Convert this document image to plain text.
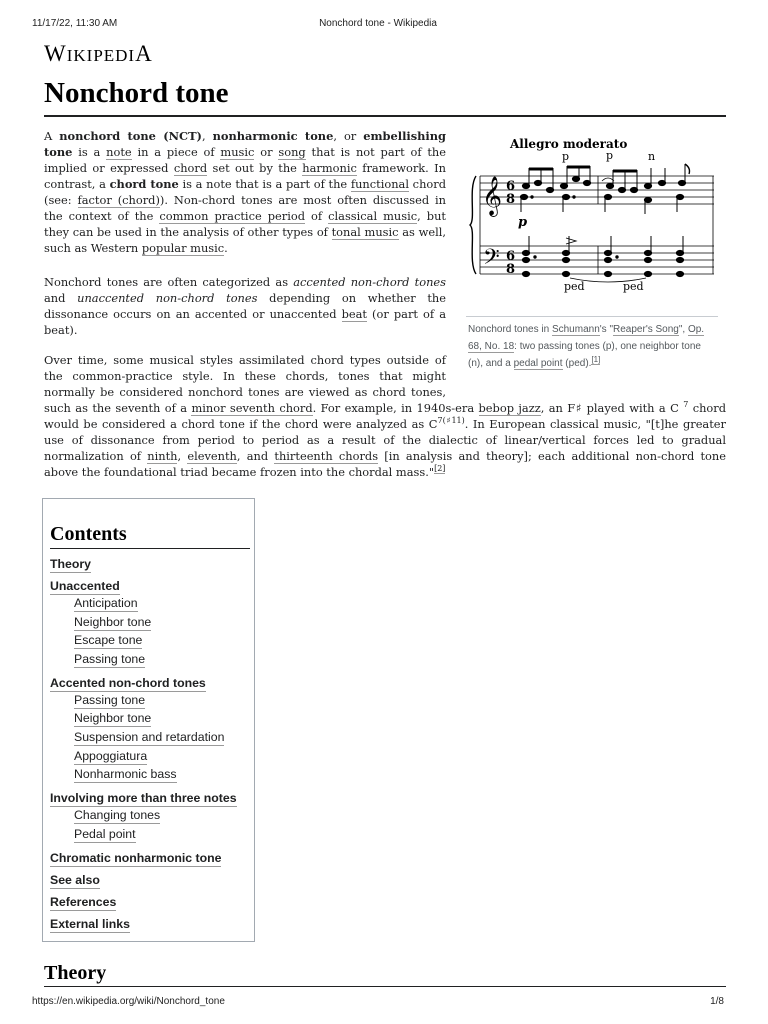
11/17/22, 11:30 AM	Nonchord tone - Wikipedia
WIKIPEDIA
Nonchord tone

A nonchord tone (NCT), nonharmonic tone, or embellishing tone is a note in a piece of music or song that is not part of the implied or expressed chord set out by the harmonic framework. In contrast, a chord tone is a note that is a part of the functional chord (see: factor (chord)). Non-chord tones are most often discussed in the context of the common practice period of classical music, but they can be used in the analysis of other types of tonal music as well, such as Western popular music.

Nonchord tones are often categorized as accented non-chord tones and unaccented non-chord tones depending on whether the dissonance occurs on an accented or unaccented beat (or part of a beat).

Over time, some musical styles assimilated chord types outside of
the common-practice style. In these chords, tones that might
normally be considered nonchord tones are viewed as chord tones,

such as the seventh of a minor seventh chord. For example, in 1940s-era bebop jazz, an F♯ played with a C $^7$ chord would be considered a chord tone if the chord were analyzed as $C^{7(♯11)}$. In European classical music, "[t]he greater use of dissonance from period to period as a result of the dialectic of linear/vertical forces led to gradual normalization of ninth, eleventh, and thirteenth chords [in analysis and theory]; each additional non-chord tone above the foundational triad became frozen into the chordal mass."[2]

Allegro moderato
p	p	n
𝄞
𝄢
6
8
6
8
p
ped	ped
Nonchord tones in Schumann's "Reaper's Song", Op. 68, No. 18: two passing tones (p), one neighbor tone (n), and a pedal point (ped).[1]
Contents
Theory
Unaccented
Anticipation
Neighbor tone
Escape tone
Passing tone
Accented non-chord tones
Passing tone
Neighbor tone
Suspension and retardation
Appoggiatura
Nonharmonic bass
Involving more than three notes
Changing tones
Pedal point
Chromatic nonharmonic tone
See also
References
External links
Theory
https://en.wikipedia.org/wiki/Nonchord_tone	1/8
